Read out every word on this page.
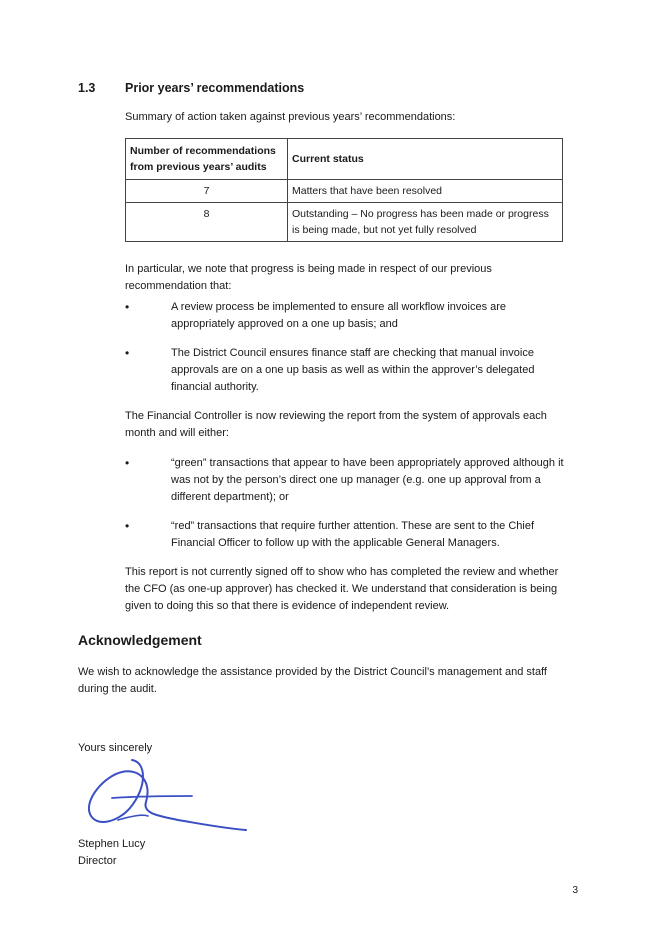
1.3 Prior years’ recommendations
Summary of action taken against previous years’ recommendations:
Number of recommendations from previous years’ audits	Current status
7	Matters that have been resolved
8	Outstanding – No progress has been made or progress is being made, but not yet fully resolved
In particular, we note that progress is being made in respect of our previous recommendation that:
• A review process be implemented to ensure all workflow invoices are appropriately approved on a one up basis; and
• The District Council ensures finance staff are checking that manual invoice approvals are on a one up basis as well as within the approver’s delegated financial authority.
The Financial Controller is now reviewing the report from the system of approvals each month and will either:
• “green” transactions that appear to have been appropriately approved although it was not by the person’s direct one up manager (e.g. one up approval from a different department); or
• “red” transactions that require further attention. These are sent to the Chief Financial Officer to follow up with the applicable General Managers.
This report is not currently signed off to show who has completed the review and whether the CFO (as one-up approver) has checked it. We understand that consideration is being given to doing this so that there is evidence of independent review.
Acknowledgement
We wish to acknowledge the assistance provided by the District Council’s management and staff during the audit.
Yours sincerely
Stephen Lucy
Director
3
